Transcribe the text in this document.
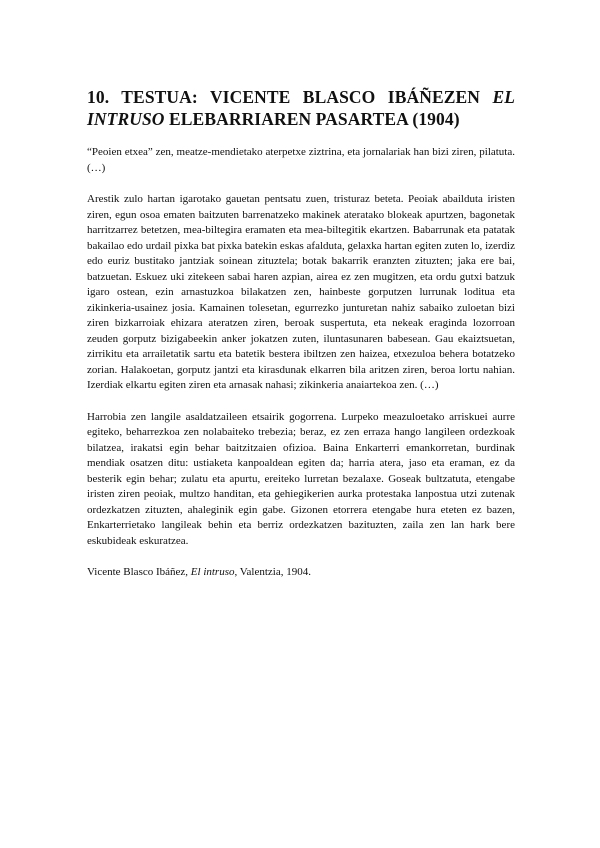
10. TESTUA: VICENTE BLASCO IBÁÑEZEN EL INTRUSO ELEBARRIAREN PASARTEA (1904)

“Peoien etxea” zen, meatze-mendietako aterpetxe ziztrina, eta jornalariak han bizi ziren, pilatuta. (…)

Arestik zulo hartan igarotako gauetan pentsatu zuen, tristuraz beteta. Peoiak abailduta iristen ziren, egun osoa ematen baitzuten barrenatzeko makinek ateratako blokeak apurtzen, bagonetak harritzarrez betetzen, mea-biltegira eramaten eta mea-biltegitik ekartzen. Babarrunak eta patatak bakailao edo urdail pixka bat pixka batekin eskas afalduta, gelaxka hartan egiten zuten lo, izerdiz edo euriz bustitako jantziak soinean zituztela; botak bakarrik eranzten zituzten; jaka ere bai, batzuetan. Eskuez uki zitekeen sabai haren azpian, airea ez zen mugitzen, eta ordu gutxi batzuk igaro ostean, ezin arnastuzkoa bilakatzen zen, hainbeste gorputzen lurrunak loditua eta zikinkeria-usainez josia. Kamainen tolesetan, egurrezko junturetan nahiz sabaiko zuloetan bizi ziren bizkarroiak ehizara ateratzen ziren, beroak suspertuta, eta nekeak eraginda lozorroan zeuden gorputz bizigabeekin anker jokatzen zuten, iluntasunaren babesean. Gau ekaiztsuetan, zirrikitu eta arrailetatik sartu eta batetik bestera ibiltzen zen haizea, etxezuloa behera botatzeko zorian. Halakoetan, gorputz jantzi eta kirasdunak elkarren bila aritzen ziren, beroa lortu nahian. Izerdiak elkartu egiten ziren eta arnasak nahasi; zikinkeria anaiartekoa zen. (…)

Harrobia zen langile asaldatzaileen etsairik gogorrena. Lurpeko meazuloetako arriskuei aurre egiteko, beharrezkoa zen nolabaiteko trebezia; beraz, ez zen erraza hango langileen ordezkoak bilatzea, irakatsi egin behar baitzitzaien ofizioa. Baina Enkarterri emankorretan, burdinak mendiak osatzen ditu: ustiaketa kanpoaldean egiten da; harria atera, jaso eta eraman, ez da besterik egin behar; zulatu eta apurtu, ereiteko lurretan bezalaxe. Goseak bultzatuta, etengabe iristen ziren peoiak, multzo handitan, eta gehiegikerien aurka protestaka lanpostua utzi zutenak ordezkatzen zituzten, ahaleginik egin gabe. Gizonen etorrera etengabe hura eteten ez bazen, Enkarterrietako langileak behin eta berriz ordezkatzen bazituzten, zaila zen lan hark bere eskubideak eskuratzea.

Vicente Blasco Ibáñez, El intruso, Valentzia, 1904.
